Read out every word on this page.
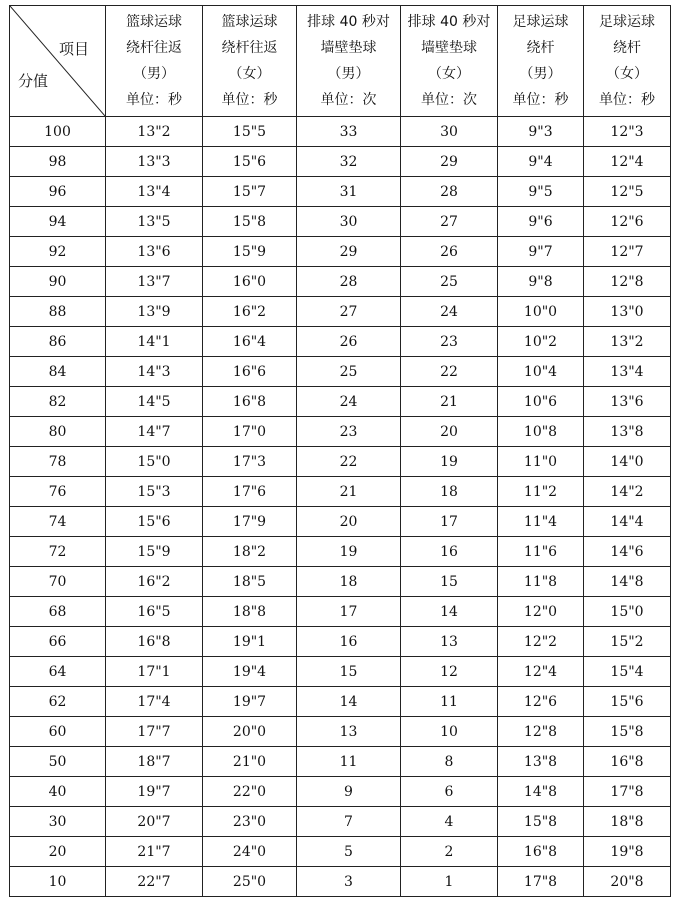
项目
分值	篮球运球
绕杆往返
（男）
单位：秒	篮球运球
绕杆往返
（女）
单位：秒	排球 40 秒对
墙壁垫球
（男）
单位：次	排球 40 秒对
墙壁垫球
（女）
单位：次	足球运球
绕杆
（男）
单位：秒	足球运球
绕杆
（女）
单位：秒

100	13"2	15"5	33	30	9"3	12"3
98	13"3	15"6	32	29	9"4	12"4
96	13"4	15"7	31	28	9"5	12"5
94	13"5	15"8	30	27	9"6	12"6
92	13"6	15"9	29	26	9"7	12"7
90	13"7	16"0	28	25	9"8	12"8
88	13"9	16"2	27	24	10"0	13"0
86	14"1	16"4	26	23	10"2	13"2
84	14"3	16"6	25	22	10"4	13"4
82	14"5	16"8	24	21	10"6	13"6
80	14"7	17"0	23	20	10"8	13"8
78	15"0	17"3	22	19	11"0	14"0
76	15"3	17"6	21	18	11"2	14"2
74	15"6	17"9	20	17	11"4	14"4
72	15"9	18"2	19	16	11"6	14"6
70	16"2	18"5	18	15	11"8	14"8
68	16"5	18"8	17	14	12"0	15"0
66	16"8	19"1	16	13	12"2	15"2
64	17"1	19"4	15	12	12"4	15"4
62	17"4	19"7	14	11	12"6	15"6
60	17"7	20"0	13	10	12"8	15"8
50	18"7	21"0	11	8	13"8	16"8
40	19"7	22"0	9	6	14"8	17"8
30	20"7	23"0	7	4	15"8	18"8
20	21"7	24"0	5	2	16"8	19"8
10	22"7	25"0	3	1	17"8	20"8
